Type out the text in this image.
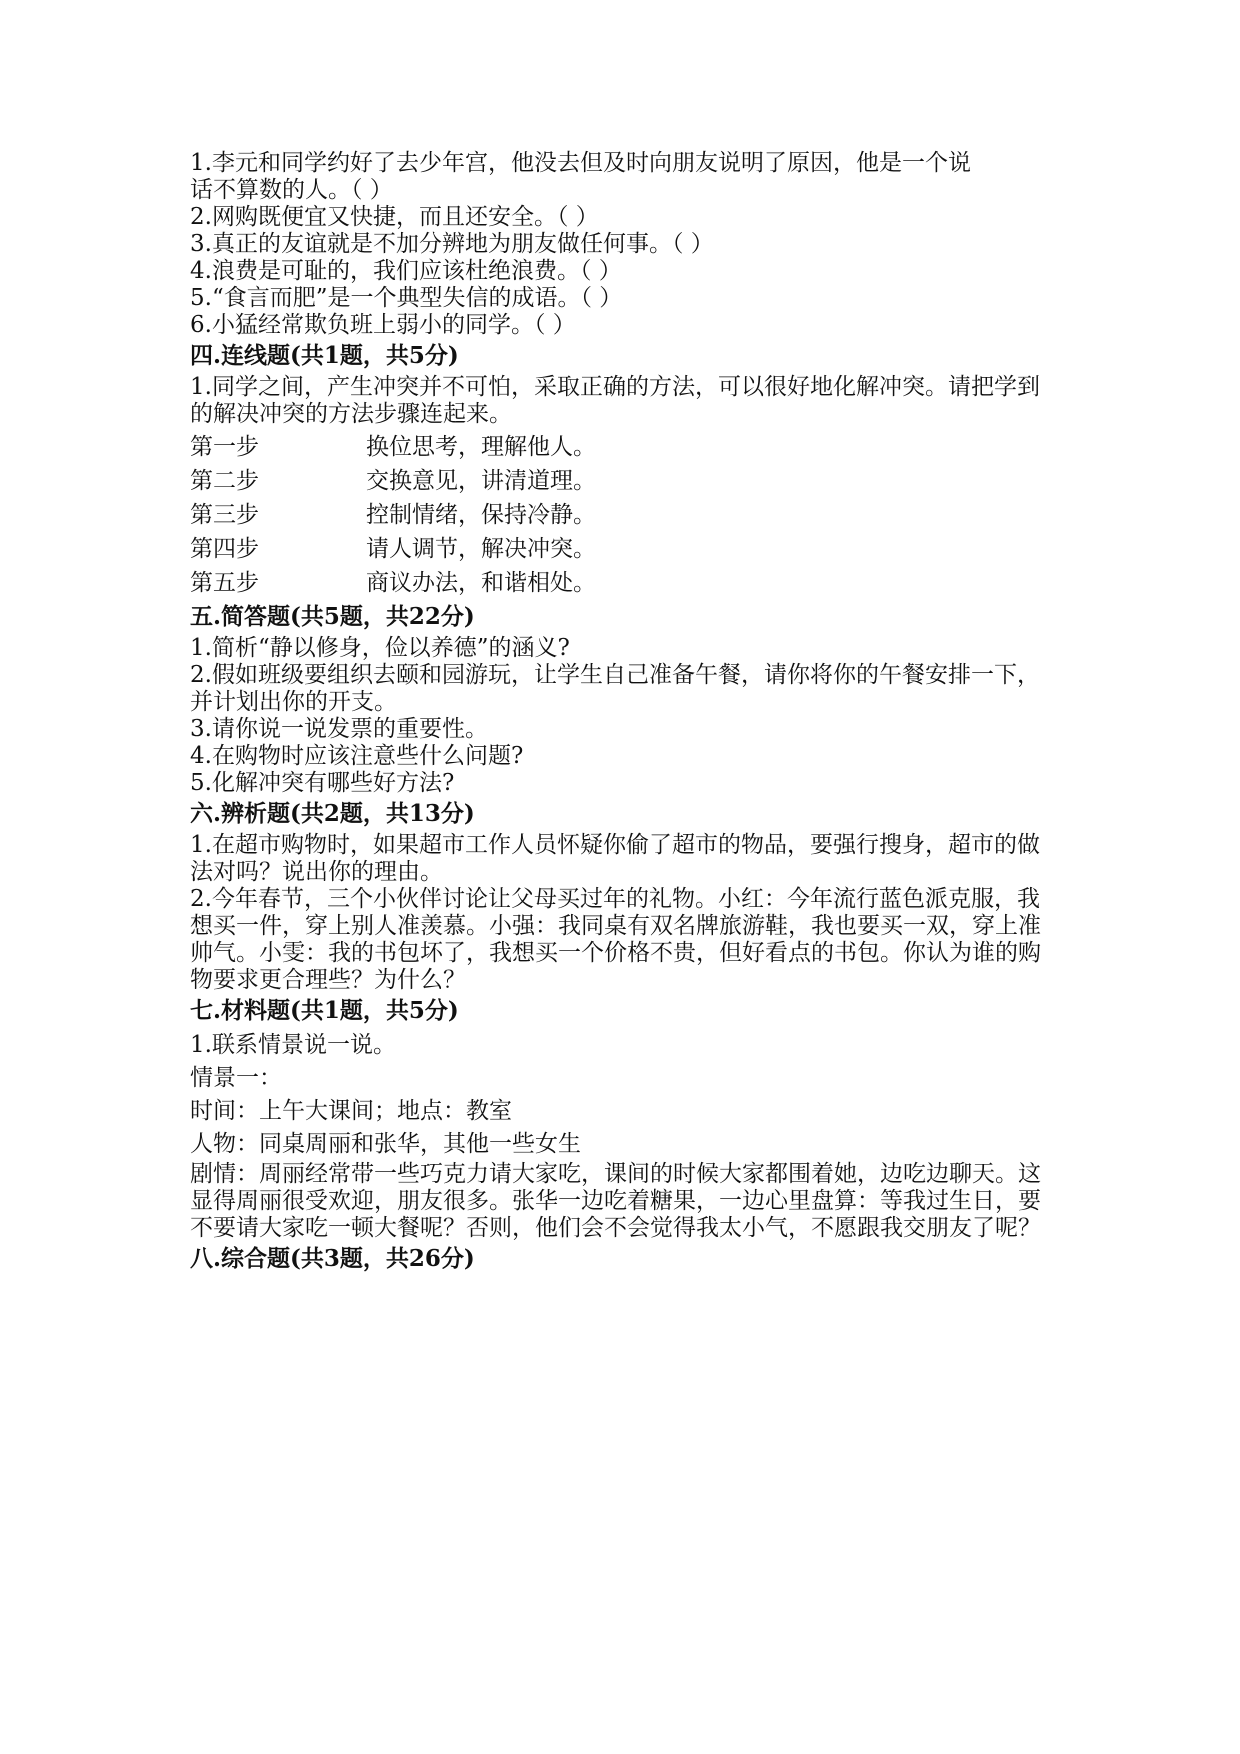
1.李元和同学约好了去少年宫，他没去但及时向朋友说明了原因，他是一个说

话不算数的人。（ ）

2.网购既便宜又快捷，而且还安全。（ ）

3.真正的友谊就是不加分辨地为朋友做任何事。（ ）

4.浪费是可耻的，我们应该杜绝浪费。（ ）

5.“食言而肥”是一个典型失信的成语。（ ）

6.小猛经常欺负班上弱小的同学。（ ）

四.连线题(共1题，共5分)

1.同学之间，产生冲突并不可怕，采取正确的方法，可以很好地化解冲突。请把学到的解决冲突的方法步骤连起来。

第一步	换位思考，理解他人。
第二步	交换意见，讲清道理。
第三步	控制情绪，保持冷静。
第四步	请人调节，解决冲突。
第五步	商议办法，和谐相处。

五.简答题(共5题，共22分)

1.简析“静以修身，俭以养德”的涵义?

2.假如班级要组织去颐和园游玩，让学生自己准备午餐，请你将你的午餐安排一下，并计划出你的开支。

3.请你说一说发票的重要性。

4.在购物时应该注意些什么问题?

5.化解冲突有哪些好方法?

六.辨析题(共2题，共13分)

1.在超市购物时，如果超市工作人员怀疑你偷了超市的物品，要强行搜身，超市的做法对吗？说出你的理由。

2.今年春节，三个小伙伴讨论让父母买过年的礼物。小红：今年流行蓝色派克服，我想买一件，穿上别人准羡慕。小强：我同桌有双名牌旅游鞋，我也要买一双，穿上准帅气。小雯：我的书包坏了，我想买一个价格不贵，但好看点的书包。你认为谁的购物要求更合理些？为什么？

七.材料题(共1题，共5分)

1.联系情景说一说。

情景一：

时间：上午大课间；地点：教室

人物：同桌周丽和张华，其他一些女生

剧情：周丽经常带一些巧克力请大家吃，课间的时候大家都围着她，边吃边聊天。这显得周丽很受欢迎，朋友很多。张华一边吃着糖果，一边心里盘算：等我过生日，要不要请大家吃一顿大餐呢？否则，他们会不会觉得我太小气，不愿跟我交朋友了呢？

八.综合题(共3题，共26分)
